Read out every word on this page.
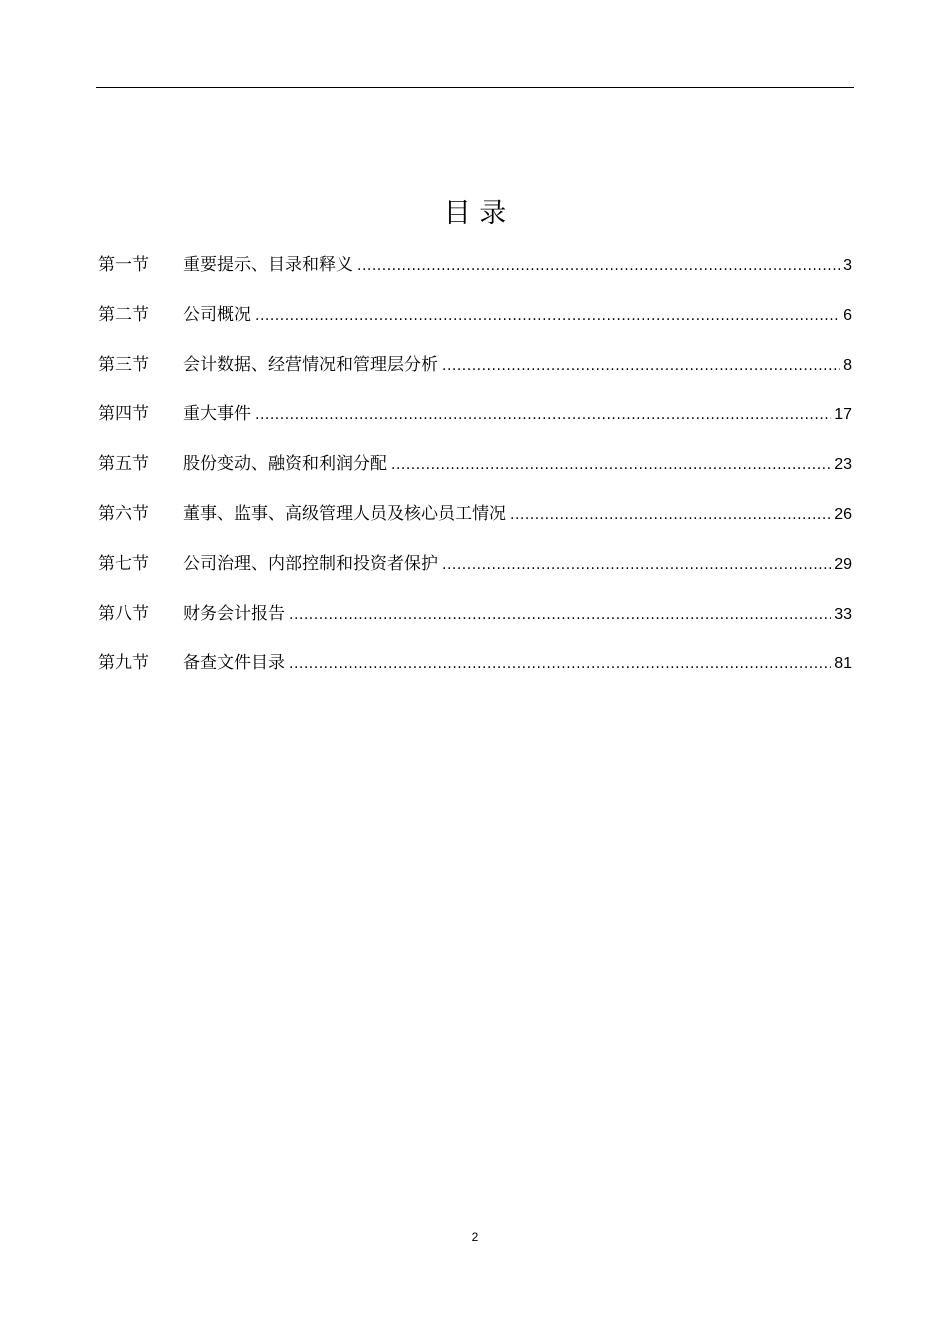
目 录
第一节	重要提示、目录和释义 .....	3
第二节	公司概况 .....	6
第三节	会计数据、经营情况和管理层分析 .....	8
第四节	重大事件 .....	17
第五节	股份变动、融资和利润分配 .....	23
第六节	董事、监事、高级管理人员及核心员工情况 .....	26
第七节	公司治理、内部控制和投资者保护 .....	29
第八节	财务会计报告 .....	33
第九节	备查文件目录 .....	81
2
